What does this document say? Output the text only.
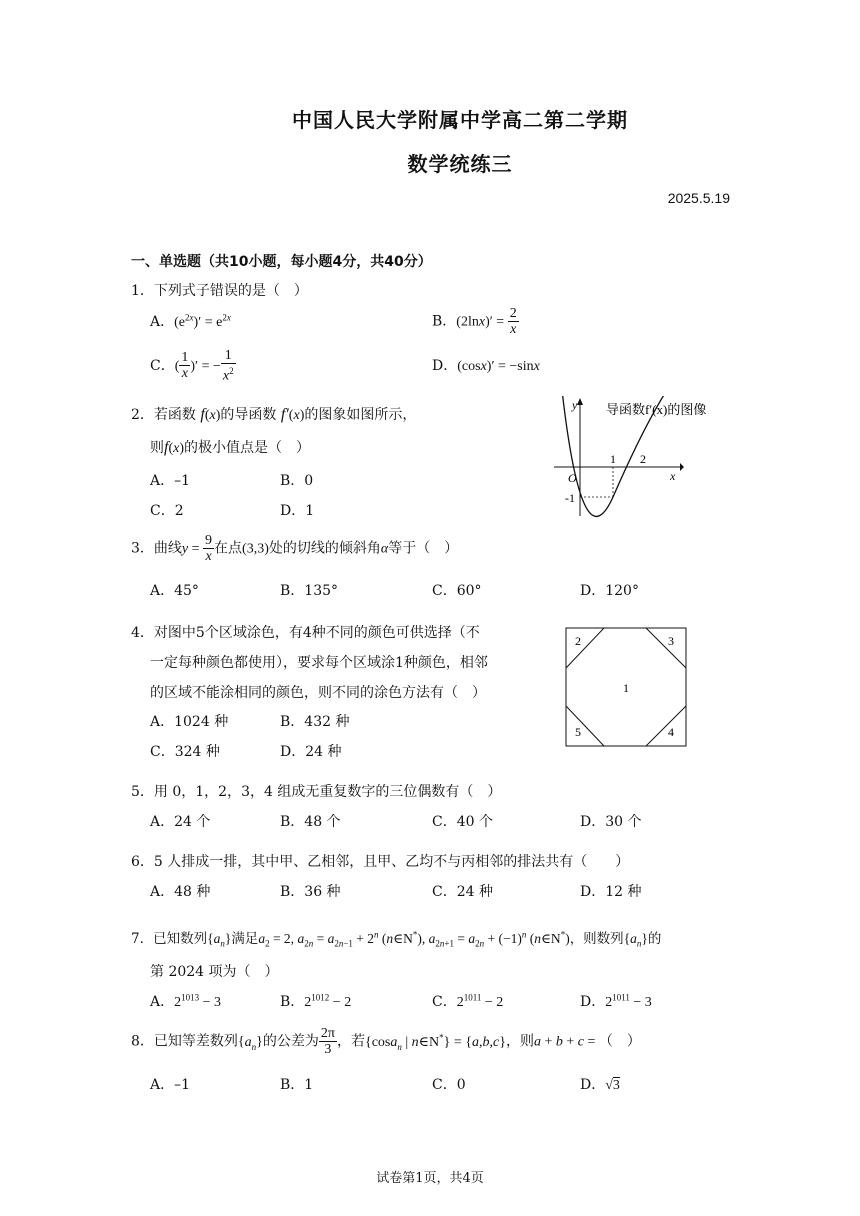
中国人民大学附属中学高二第二学期
数学统练三
2025.5.19
一、单选题（共10小题，每小题4分，共40分）
1．下列式子错误的是（　）
A．$(e^{2x})' = e^{2x}$	B．$(2\ln x)' = \frac{2}{x}$
C．( $\frac{1}{x}$ )′ = − $\frac{1}{x^2}$	D．(cosx)′ = −sinx
2．若函数 f(x)的导函数 f′(x)的图象如图所示，
则f(x)的极小值点是（　）
A．–1	B．0
C．2	D．1
y
x
O
1 2
-1
导函数f′(x)的图像
3．曲线$y = \frac{9}{x}$ 在点(3,3)处的切线的倾斜角α等于（　）
A．45°	B．135°	C．60°	D．120°
4．对图中5个区域涂色，有4种不同的颜色可供选择（不
一定每种颜色都使用），要求每个区域涂1种颜色，相邻
的区域不能涂相同的颜色，则不同的涂色方法有（　）
A．1024 种	B．432 种
C．324 种	D．24 种
1
2	3
4
5
5．用 0，1，2，3，4 组成无重复数字的三位偶数有（　）
A．24 个	B．48 个	C．40 个	D．30 个
6．5 人排成一排，其中甲、乙相邻，且甲、乙均不与丙相邻的排法共有（　　）
A．48 种	B．36 种	C．24 种	D．12 种
7．已知数列$\{a_n\}$满足$a_2 = 2$, $a_{2n} = a_{2n-1} + 2^n$ (n∈N*), $a_{2n+1} = a_{2n} + (-1)^n$ (n∈N*)，则数列$\{a_n\}$的
第 2024 项为（　）
A．$2^{1013} - 3$	B．$2^{1012} - 2$	C．$2^{1011} - 2$	D．$2^{1011} - 3$
8．已知等差数列$\{a_n\}$的公差为 $\frac{2\pi}{3}$ ，若{cosa$_n$ | n∈N*} = {a,b,c}，则a + b + c = （　）
A．–1	B．1	C．0	D．√3
试卷第1页，共4页
